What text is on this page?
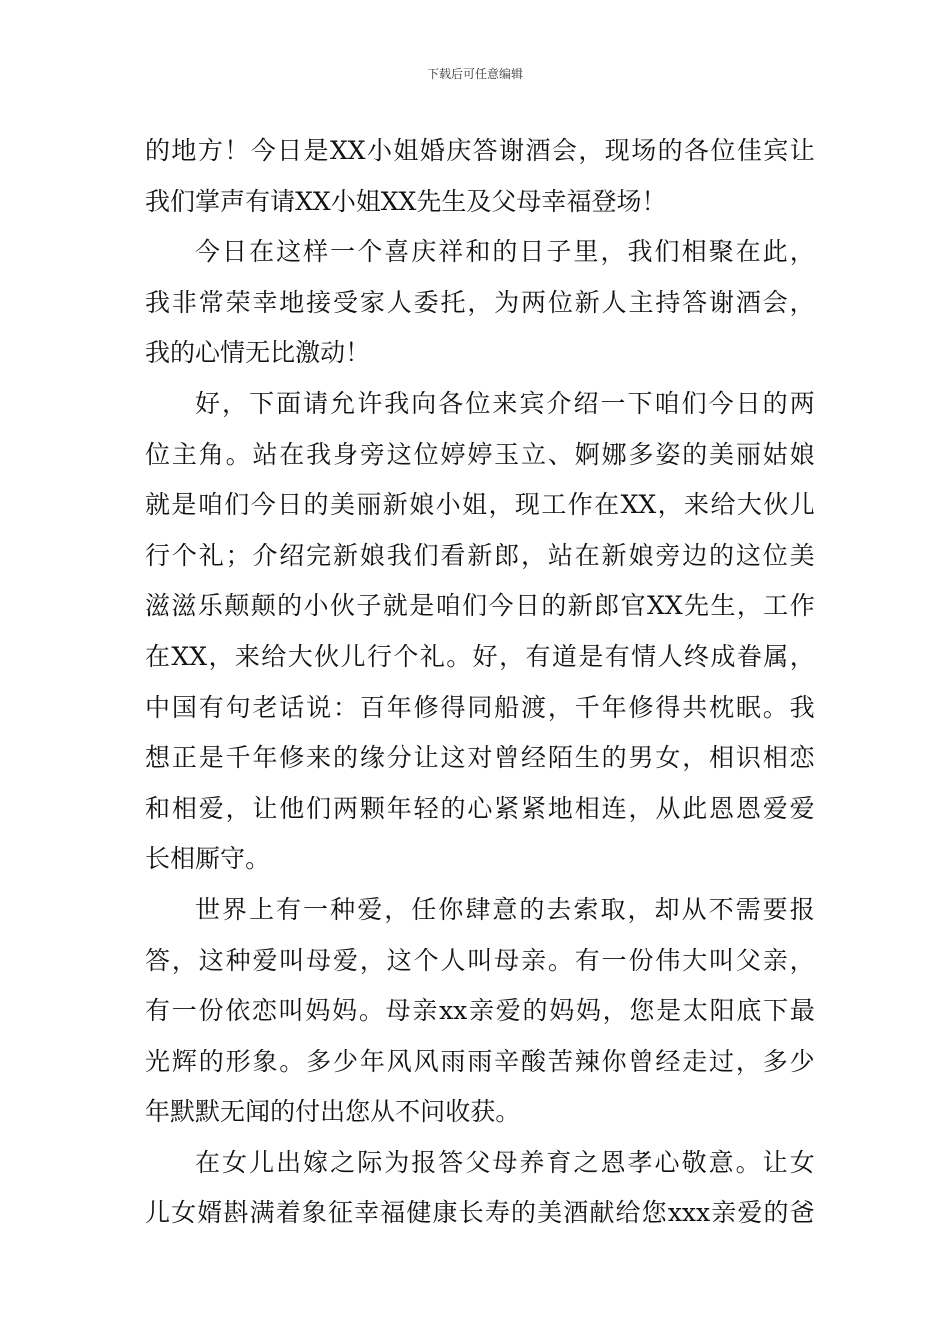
下载后可任意编辑
的 地 方 ！ 今 日 是 XX 小 姐 婚 庆 答 谢 酒 会 ， 现 场 的 各 位 佳 宾 让
我 们 掌 声 有 请 XX 小 姐 XX 先 生 及 父 母 幸 福 登 场 ！
今 日 在 这 样 一 个 喜 庆 祥 和 的 日 子 里 ， 我 们 相 聚 在 此 ，
我 非 常 荣 幸 地 接 受 家 人 委 托 ， 为 两 位 新 人 主 持 答 谢 酒 会 ，
我 的 心 情 无 比 激 动 ！
好 ， 下 面 请 允 许 我 向 各 位 来 宾 介 绍 一 下 咱 们 今 日 的 两
位 主 角 。 站 在 我 身 旁 这 位 婷 婷 玉 立 、 婀 娜 多 姿 的 美 丽 姑 娘
就 是 咱 们 今 日 的 美 丽 新 娘 小 姐 ， 现 工 作 在 XX ， 来 给 大 伙 儿
行 个 礼 ； 介 绍 完 新 娘 我 们 看 新 郎 ， 站 在 新 娘 旁 边 的 这 位 美
滋 滋 乐 颠 颠 的 小 伙 子 就 是 咱 们 今 日 的 新 郎 官 XX 先 生 ， 工 作
在 XX ， 来 给 大 伙 儿 行 个 礼 。 好 ， 有 道 是 有 情 人 终 成 眷 属 ，
中 国 有 句 老 话 说 ： 百 年 修 得 同 船 渡 ， 千 年 修 得 共 枕 眠 。 我
想 正 是 千 年 修 来 的 缘 分 让 这 对 曾 经 陌 生 的 男 女 ， 相 识 相 恋
和 相 爱 ， 让 他 们 两 颗 年 轻 的 心 紧 紧 地 相 连 ， 从 此 恩 恩 爱 爱
长 相 厮 守 。
世 界 上 有 一 种 爱 ， 任 你 肆 意 的 去 索 取 ， 却 从 不 需 要 报
答 ， 这 种 爱 叫 母 爱 ， 这 个 人 叫 母 亲 。 有 一 份 伟 大 叫 父 亲 ，
有 一 份 依 恋 叫 妈 妈 。 母 亲 xx 亲 爱 的 妈 妈 ， 您 是 太 阳 底 下 最
光 辉 的 形 象 。 多 少 年 风 风 雨 雨 辛 酸 苦 辣 你 曾 经 走 过 ， 多 少
年 默 默 无 闻 的 付 出 您 从 不 问 收 获 。
在 女 儿 出 嫁 之 际 为 报 答 父 母 养 育 之 恩 孝 心 敬 意 。 让 女
儿 女 婿 斟 满 着 象 征 幸 福 健 康 长 寿 的 美 酒 献 给 您 xxx 亲 爱 的 爸
